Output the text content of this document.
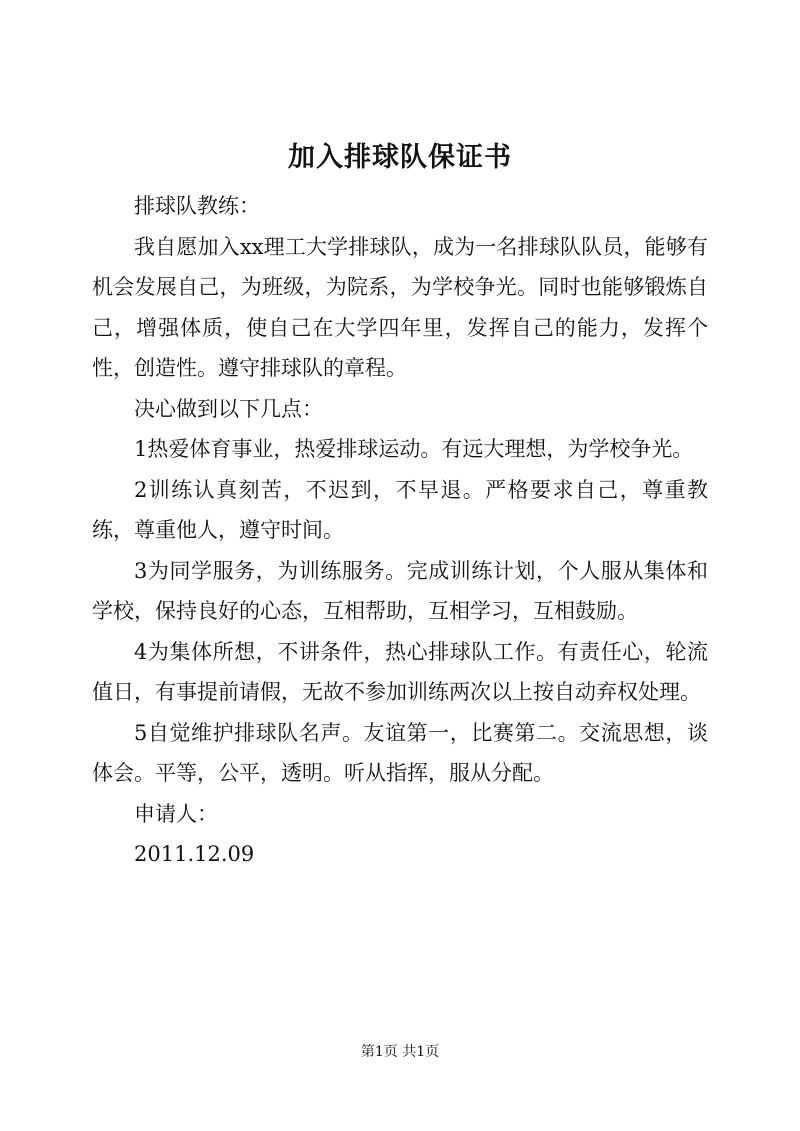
加入排球队保证书

排球队教练：

我自愿加入xx理工大学排球队，成为一名排球队队员，能够有机会发展自己，为班级，为院系，为学校争光。同时也能够锻炼自己，增强体质，使自己在大学四年里，发挥自己的能力，发挥个性，创造性。遵守排球队的章程。

决心做到以下几点：

1热爱体育事业，热爱排球运动。有远大理想，为学校争光。

2训练认真刻苦，不迟到，不早退。严格要求自己，尊重教练，尊重他人，遵守时间。

3为同学服务，为训练服务。完成训练计划，个人服从集体和学校，保持良好的心态，互相帮助，互相学习，互相鼓励。

4为集体所想，不讲条件，热心排球队工作。有责任心，轮流值日，有事提前请假，无故不参加训练两次以上按自动弃权处理。

5自觉维护排球队名声。友谊第一，比赛第二。交流思想，谈体会。平等，公平，透明。听从指挥，服从分配。

申请人：

2011.12.09

第1页 共1页
